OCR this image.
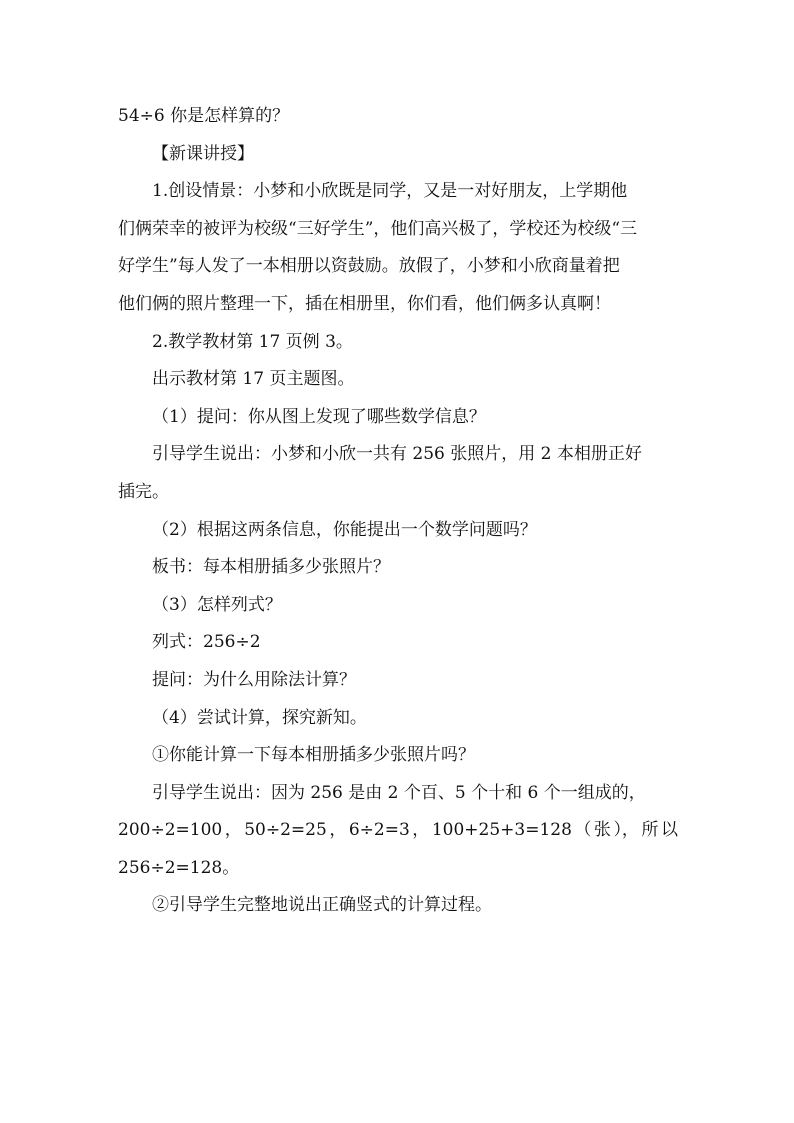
54÷6 你是怎样算的？
【新课讲授】
1.创设情景：小梦和小欣既是同学，又是一对好朋友，上学期他
们俩荣幸的被评为校级“三好学生”，他们高兴极了，学校还为校级“三
好学生”每人发了一本相册以资鼓励。放假了，小梦和小欣商量着把
他们俩的照片整理一下，插在相册里，你们看，他们俩多认真啊！
2.教学教材第 17 页例 3。
出示教材第 17 页主题图。
（1）提问：你从图上发现了哪些数学信息？
引导学生说出：小梦和小欣一共有 256 张照片，用 2 本相册正好
插完。
（2）根据这两条信息，你能提出一个数学问题吗？
板书：每本相册插多少张照片？
（3）怎样列式？
列式：256÷2
提问：为什么用除法计算？
（4）尝试计算，探究新知。
①你能计算一下每本相册插多少张照片吗？
引导学生说出：因为 256 是由 2 个百、5 个十和 6 个一组成的，
200÷2=100 ， 50÷2=25 ， 6÷2=3 ， 100+25+3=128 （ 张 ）， 所 以
256÷2=128。
②引导学生完整地说出正确竖式的计算过程。
